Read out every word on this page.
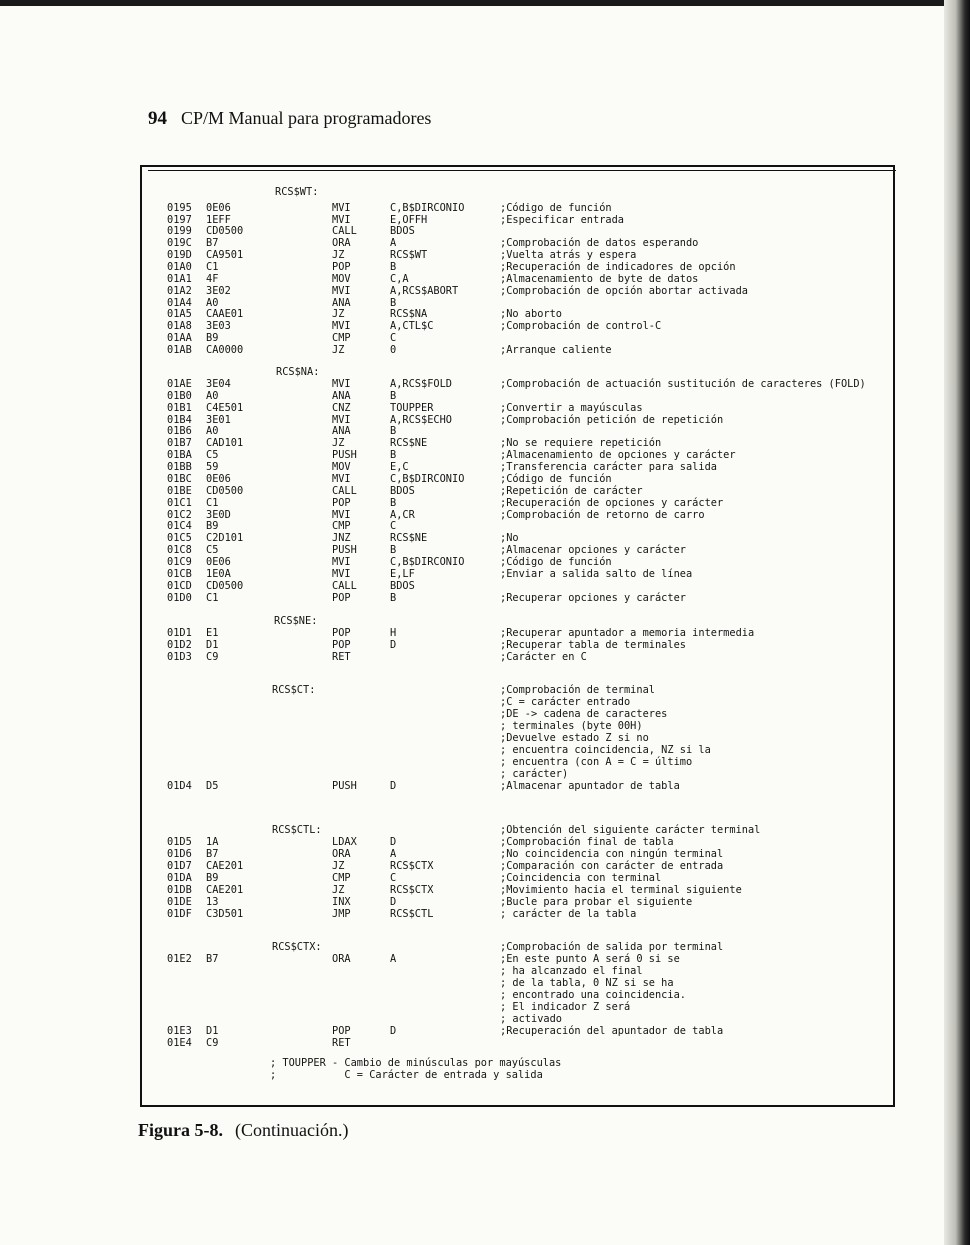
94 CP/M Manual para programadores
RCS$WT:
0195 0E06	MVI	C,B$DIRCONIO	;Código de función
0197 1EFF	MVI	E,OFFH	;Especificar entrada
0199 CD0500	CALL	BDOS
019C B7	ORA	A	;Comprobación de datos esperando
019D CA9501	JZ	RCS$WT	;Vuelta atrás y espera
01A0 C1	POP	B	;Recuperación de indicadores de opción
01A1 4F	MOV	C,A	;Almacenamiento de byte de datos
01A2 3E02	MVI	A,RCS$ABORT	;Comprobación de opción abortar activada
01A4 A0	ANA	B
01A5 CAAE01	JZ	RCS$NA	;No aborto
01A8 3E03	MVI	A,CTL$C	;Comprobación de control-C
01AA B9	CMP	C
01AB CA0000	JZ	0	;Arranque caliente
RCS$NA:
01AE 3E04	MVI	A,RCS$FOLD	;Comprobación de actuación sustitución de caracteres (FOLD)
01B0 A0	ANA	B
01B1 C4E501	CNZ	TOUPPER	;Convertir a mayúsculas
01B4 3E01	MVI	A,RCS$ECHO	;Comprobación petición de repetición
01B6 A0	ANA	B
01B7 CAD101	JZ	RCS$NE	;No se requiere repetición
01BA C5	PUSH	B	;Almacenamiento de opciones y carácter
01BB 59	MOV	E,C	;Transferencia carácter para salida
01BC 0E06	MVI	C,B$DIRCONIO	;Código de función
01BE CD0500	CALL	BDOS	;Repetición de carácter
01C1 C1	POP	B	;Recuperación de opciones y carácter
01C2 3E0D	MVI	A,CR	;Comprobación de retorno de carro
01C4 B9	CMP	C
01C5 C2D101	JNZ	RCS$NE	;No
01C8 C5	PUSH	B	;Almacenar opciones y carácter
01C9 0E06	MVI	C,B$DIRCONIO	;Código de función
01CB 1E0A	MVI	E,LF	;Enviar a salida salto de línea
01CD CD0500	CALL	BDOS
01D0 C1	POP	B	;Recuperar opciones y carácter
RCS$NE:
01D1 E1	POP	H	;Recuperar apuntador a memoria intermedia
01D2 D1	POP	D	;Recuperar tabla de terminales
01D3 C9	RET	;Carácter en C
RCS$CT:	;Comprobación de terminal
;C = carácter entrado
;DE -> cadena de caracteres
; terminales (byte 00H)
;Devuelve estado Z si no
; encuentra coincidencia, NZ si la
; encuentra (con A = C = último
; carácter)
01D4 D5	PUSH	D	;Almacenar apuntador de tabla
RCS$CTL:	;Obtención del siguiente carácter terminal
01D5 1A	LDAX	D	;Comprobación final de tabla
01D6 B7	ORA	A	;No coincidencia con ningún terminal
01D7 CAE201	JZ	RCS$CTX	;Comparación con carácter de entrada
01DA B9	CMP	C	;Coincidencia con terminal
01DB CAE201	JZ	RCS$CTX	;Movimiento hacia el terminal siguiente
01DE 13	INX	D	;Bucle para probar el siguiente
01DF C3D501	JMP	RCS$CTL	; carácter de la tabla
RCS$CTX:	;Comprobación de salida por terminal
01E2 B7	ORA	A	;En este punto A será 0 si se
; ha alcanzado el final
; de la tabla, 0 NZ si se ha
; encontrado una coincidencia.
; El indicador Z será
; activado
01E3 D1	POP	D	;Recuperación del apuntador de tabla
01E4 C9	RET
; TOUPPER - Cambio de minúsculas por mayúsculas
;           C = Carácter de entrada y salida
Figura 5-8. (Continuación.)
